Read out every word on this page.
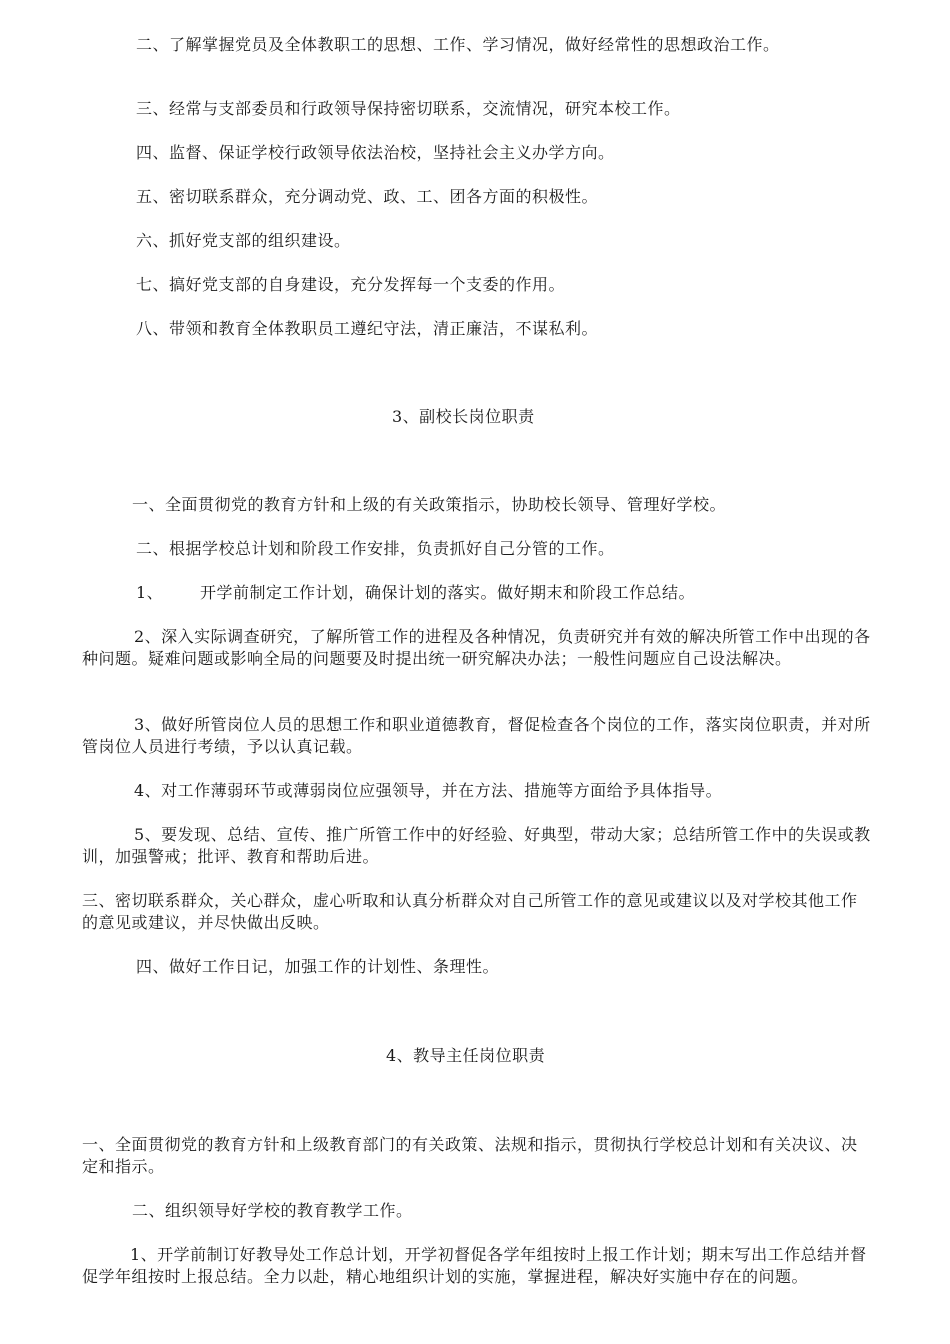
二、了解掌握党员及全体教职工的思想、工作、学习情况，做好经常性的思想政治工作。
三、经常与支部委员和行政领导保持密切联系，交流情况，研究本校工作。
四、监督、保证学校行政领导依法治校，坚持社会主义办学方向。
五、密切联系群众，充分调动党、政、工、团各方面的积极性。
六、抓好党支部的组织建设。
七、搞好党支部的自身建设，充分发挥每一个支委的作用。
八、带领和教育全体教职员工遵纪守法，清正廉洁，不谋私利。
3、副校长岗位职责
一、全面贯彻党的教育方针和上级的有关政策指示，协助校长领导、管理好学校。
二、根据学校总计划和阶段工作安排，负责抓好自己分管的工作。
1、 开学前制定工作计划，确保计划的落实。做好期末和阶段工作总结。
2、深入实际调查研究，了解所管工作的进程及各种情况，负责研究并有效的解决所管工作中出现的各种问题。疑难问题或影响全局的问题要及时提出统一研究解决办法；一般性问题应自己设法解决。
3、做好所管岗位人员的思想工作和职业道德教育，督促检查各个岗位的工作，落实岗位职责，并对所管岗位人员进行考绩，予以认真记载。
4、对工作薄弱环节或薄弱岗位应强领导，并在方法、措施等方面给予具体指导。
5、要发现、总结、宣传、推广所管工作中的好经验、好典型，带动大家；总结所管工作中的失误或教训，加强警戒；批评、教育和帮助后进。
三、密切联系群众，关心群众，虚心听取和认真分析群众对自己所管工作的意见或建议以及对学校其他工作的意见或建议，并尽快做出反映。
四、做好工作日记，加强工作的计划性、条理性。
4、教导主任岗位职责
一、全面贯彻党的教育方针和上级教育部门的有关政策、法规和指示，贯彻执行学校总计划和有关决议、决定和指示。
二、组织领导好学校的教育教学工作。
1、开学前制订好教导处工作总计划，开学初督促各学年组按时上报工作计划；期末写出工作总结并督促学年组按时上报总结。全力以赴，精心地组织计划的实施，掌握进程，解决好实施中存在的问题。
